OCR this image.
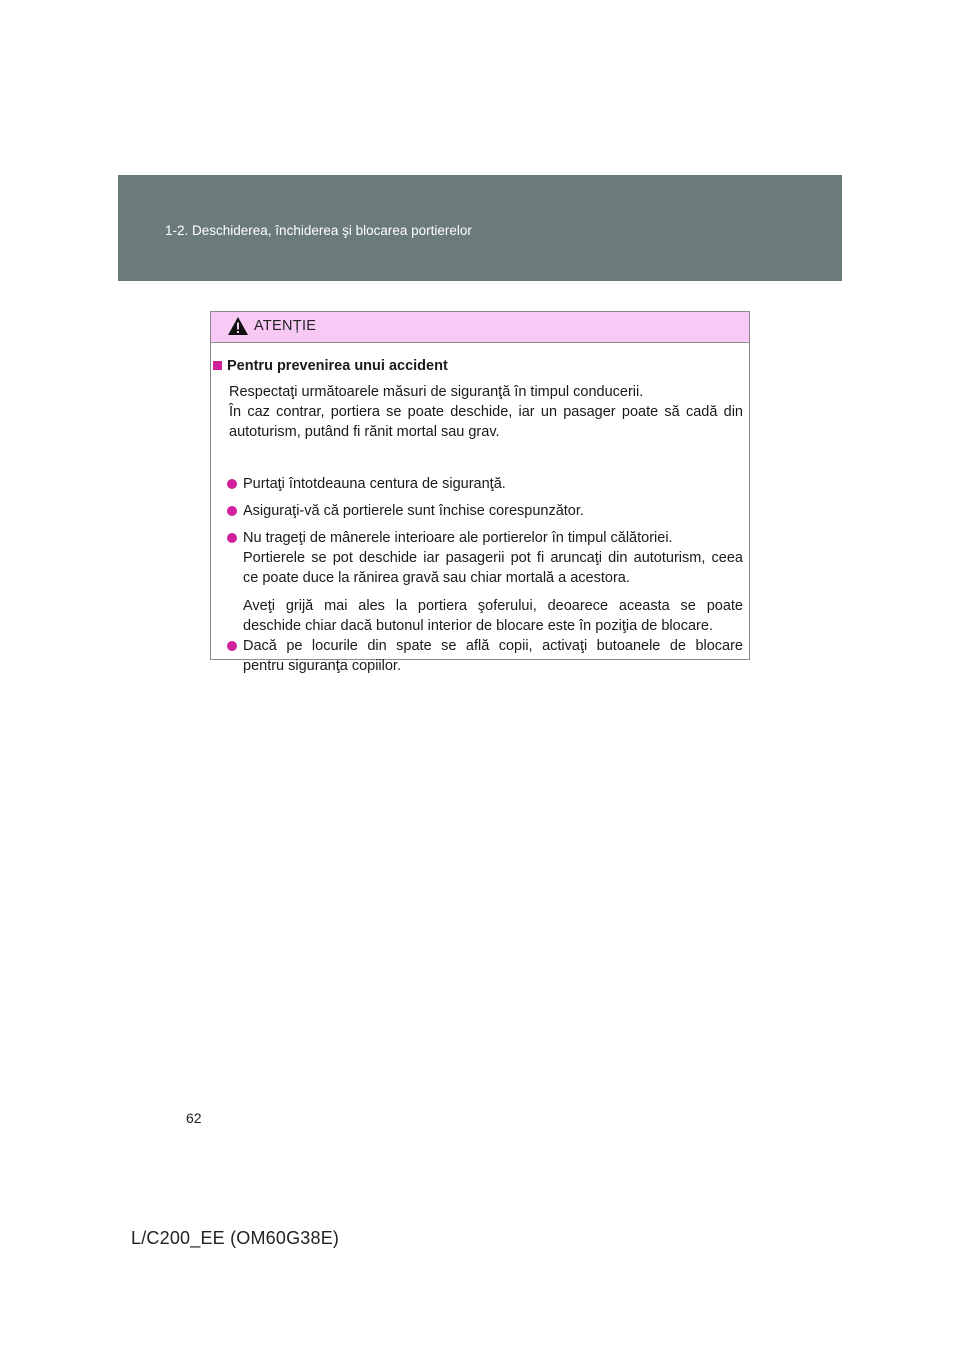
1-2. Deschiderea, închiderea şi blocarea portierelor
ATENȚIE
Pentru prevenirea unui accident
Respectaţi următoarele măsuri de siguranţă în timpul conducerii.
În caz contrar, portiera se poate deschide, iar un pasager poate să cadă din
autoturism, putând fi rănit mortal sau grav.
Purtaţi întotdeauna centura de siguranţă.
Asiguraţi-vă că portierele sunt închise corespunzător.
Nu trageţi de mânerele interioare ale portierelor în timpul călătoriei.
Portierele se pot deschide iar pasagerii pot fi aruncaţi din autoturism, ceea
ce poate duce la rănirea gravă sau chiar mortală a acestora.
Aveţi grijă mai ales la portiera şoferului, deoarece aceasta se poate
deschide chiar dacă butonul interior de blocare este în poziţia de blocare.
Dacă pe locurile din spate se află copii, activaţi butoanele de blocare
pentru siguranţa copiilor.
62
L/C200_EE (OM60G38E)
